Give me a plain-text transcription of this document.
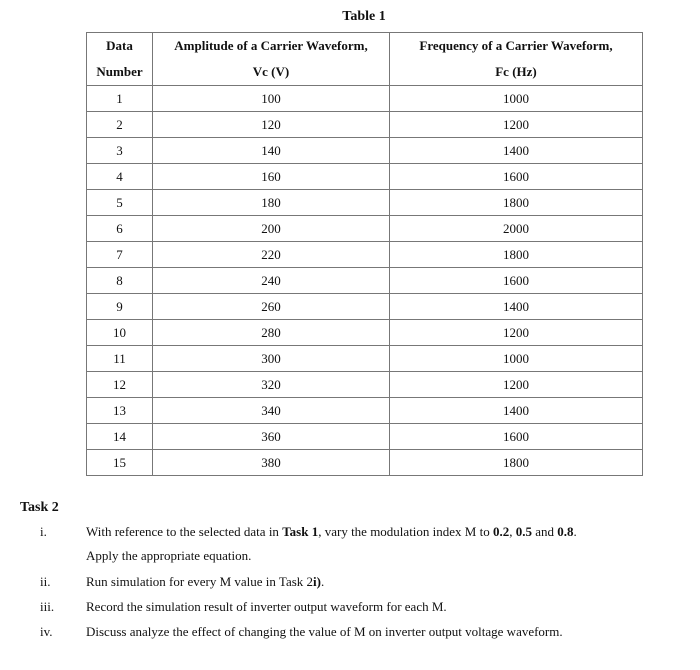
Table 1
Data	Amplitude of a Carrier Waveform,	Frequency of a Carrier Waveform,
Number	Vc (V)	Fc (Hz)
1	100	1000
2	120	1200
3	140	1400
4	160	1600
5	180	1800
6	200	2000
7	220	1800
8	240	1600
9	260	1400
10	280	1200
11	300	1000
12	320	1200
13	340	1400
14	360	1600
15	380	1800
Task 2
i.	With reference to the selected data in Task 1, vary the modulation index M to 0.2, 0.5 and 0.8.
Apply the appropriate equation.
ii.	Run simulation for every M value in Task 2i).
iii.	Record the simulation result of inverter output waveform for each M.
iv.	Discuss analyze the effect of changing the value of M on inverter output voltage waveform.
